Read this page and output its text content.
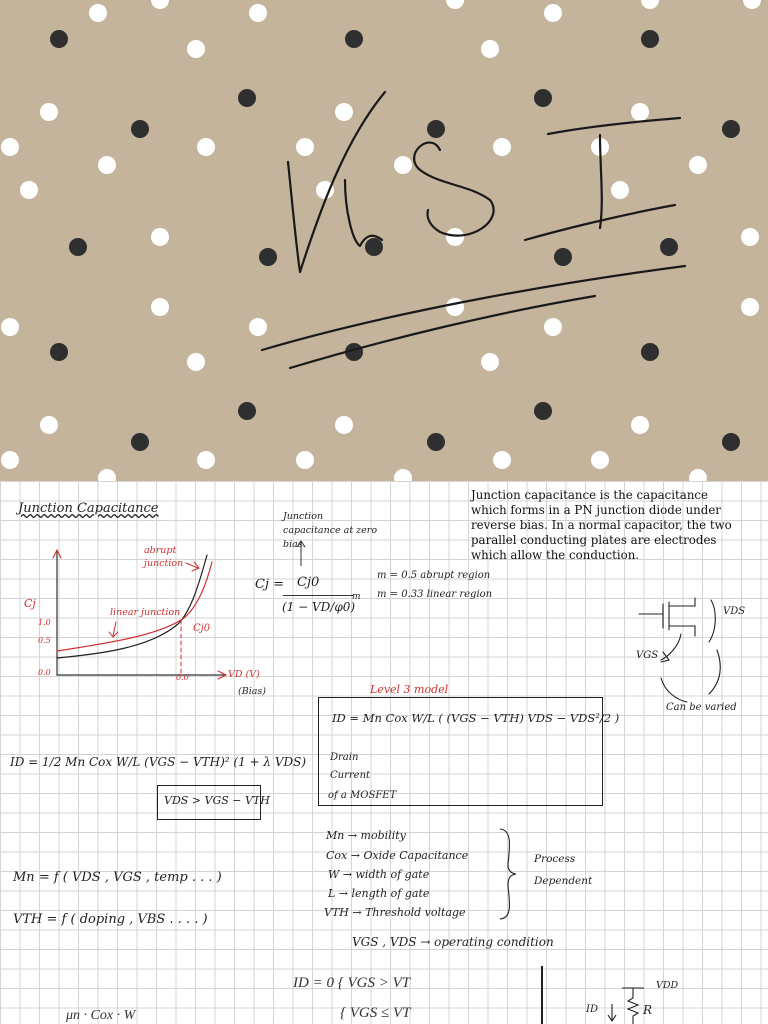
Junction Capacitance
Junction capacitance is the capacitance which forms in a PN junction diode under reverse bias. In a normal capacitor, the two parallel conducting plates are electrodes which allow the conduction.
Cj
1.0
0.5
0.0
abrupt junction
linear junction
Cj0
VD (V)
0.0
(Bias)
Junction capacitance at zero bias.
Cj = Cj0
(1 − VD/φ0)
m
m = 0.5 abrupt region
m = 0.33 linear region
VDS
VGS
Can be varied
Level 3 model
ID = Mn Cox W/L ( (VGS − VTH) VDS − VDS²/2 )
Drain
Current
of a MOSFET
ID = 1/2 Mn Cox W/L (VGS − VTH)² (1 + λ VDS)
VDS > VGS − VTH
Mn = f ( VDS , VGS , temp . . . )
VTH = f ( doping , VBS . . . . )
Mn → mobility
Cox → Oxide Capacitance
W → width of gate
L → length of gate
VTH → Threshold voltage
Process
Dependent
VGS , VDS → operating condition
ID = 0 { VGS > VT
{ VGS ≤ VT
μn · Cox · W
VDD
ID	R
